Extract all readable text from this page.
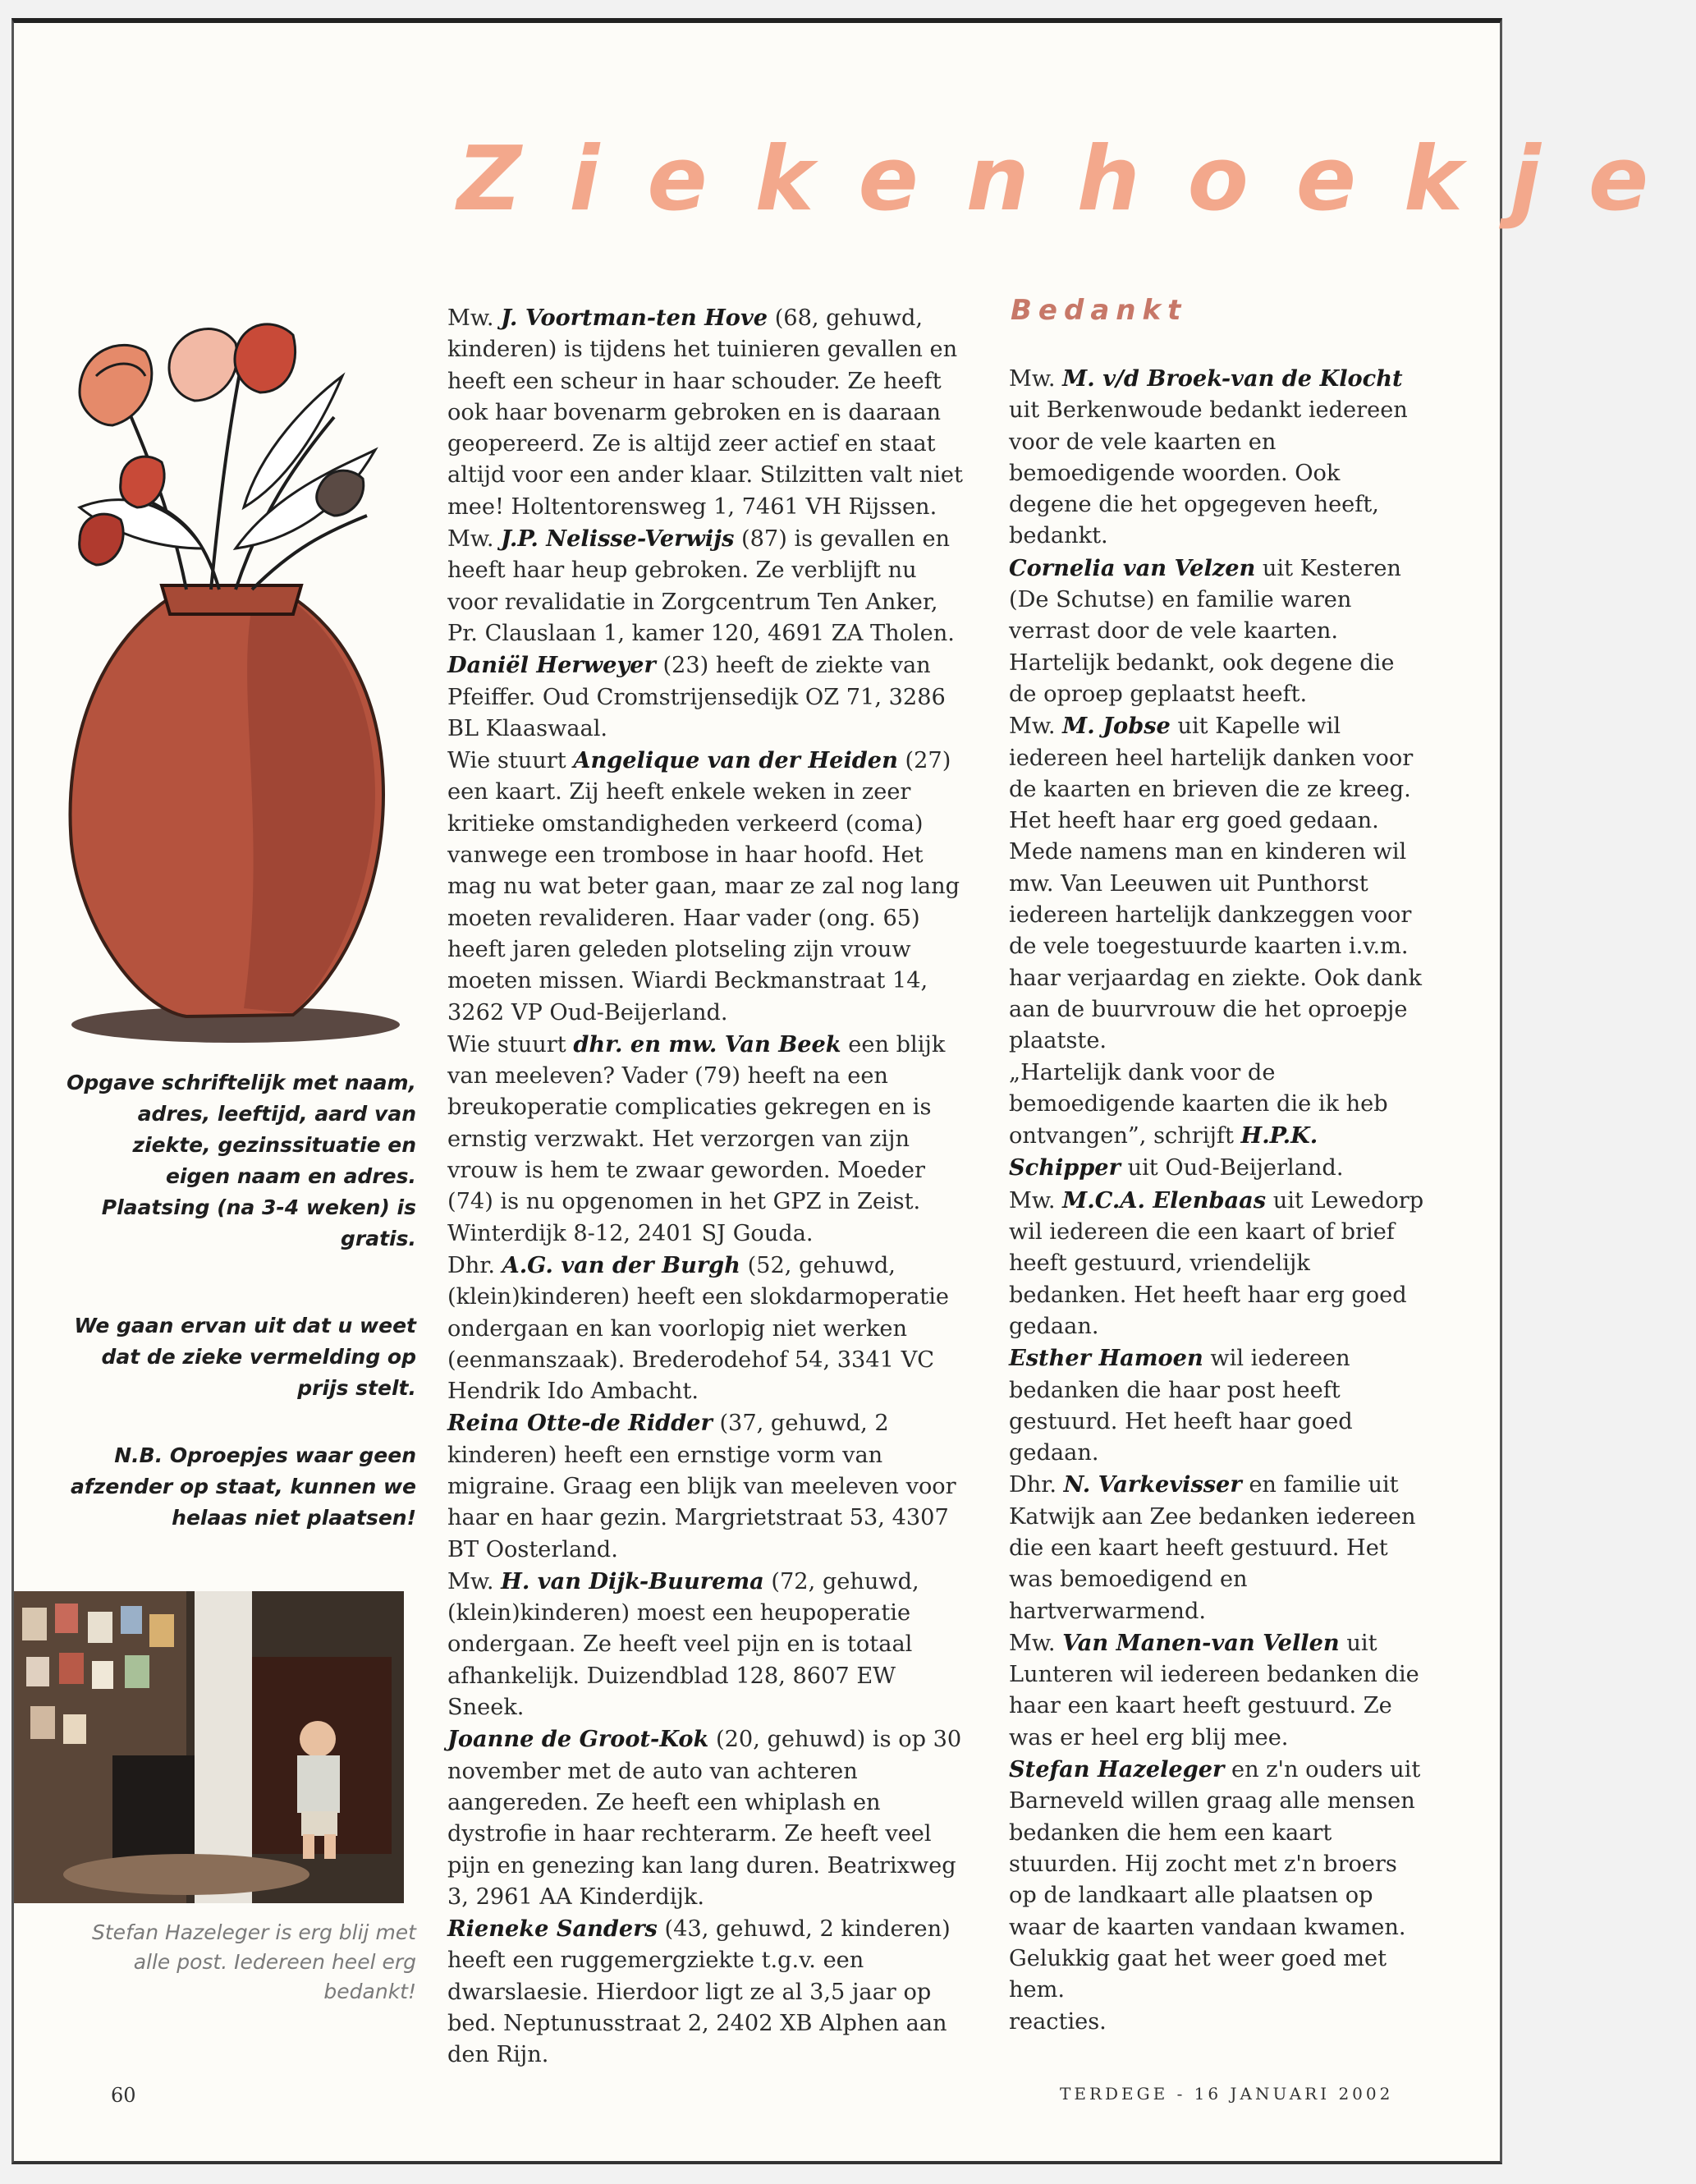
Ziekenhoekje

Opgave schriftelijk met naam, adres, leeftijd, aard van ziekte, gezinssituatie en eigen naam en adres. Plaatsing (na 3-4 weken) is gratis.

We gaan ervan uit dat u weet dat de zieke vermelding op prijs stelt.

N.B. Oproepjes waar geen afzender op staat, kunnen we helaas niet plaatsen!

Stefan Hazeleger is erg blij met alle post. Iedereen heel erg bedankt!

Mw. J. Voortman-ten Hove (68, gehuwd, kinderen) is tijdens het tuinieren gevallen en heeft een scheur in haar schouder. Ze heeft ook haar bovenarm gebroken en is daaraan geopereerd. Ze is altijd zeer actief en staat altijd voor een ander klaar. Stilzitten valt niet mee! Holtentorensweg 1, 7461 VH Rijssen.

Mw. J.P. Nelisse-Verwijs (87) is gevallen en heeft haar heup gebroken. Ze verblijft nu voor revalidatie in Zorgcentrum Ten Anker, Pr. Clauslaan 1, kamer 120, 4691 ZA Tholen.

Daniël Herweyer (23) heeft de ziekte van Pfeiffer. Oud Cromstrijensedijk OZ 71, 3286 BL Klaaswaal.

Wie stuurt Angelique van der Heiden (27) een kaart. Zij heeft enkele weken in zeer kritieke omstandigheden verkeerd (coma) vanwege een trombose in haar hoofd. Het mag nu wat beter gaan, maar ze zal nog lang moeten revalideren. Haar vader (ong. 65) heeft jaren geleden plotseling zijn vrouw moeten missen. Wiardi Beckmanstraat 14, 3262 VP Oud-Beijerland.

Wie stuurt dhr. en mw. Van Beek een blijk van meeleven? Vader (79) heeft na een breukoperatie complicaties gekregen en is ernstig verzwakt. Het verzorgen van zijn vrouw is hem te zwaar geworden. Moeder (74) is nu opgenomen in het GPZ in Zeist. Winterdijk 8-12, 2401 SJ Gouda.

Dhr. A.G. van der Burgh (52, gehuwd, (klein)kinderen) heeft een slokdarmoperatie ondergaan en kan voorlopig niet werken (eenmanszaak). Brederodehof 54, 3341 VC Hendrik Ido Ambacht.

Reina Otte-de Ridder (37, gehuwd, 2 kinderen) heeft een ernstige vorm van migraine. Graag een blijk van meeleven voor haar en haar gezin. Margrietstraat 53, 4307 BT Oosterland.

Mw. H. van Dijk-Buurema (72, gehuwd, (klein)kinderen) moest een heupoperatie ondergaan. Ze heeft veel pijn en is totaal afhankelijk. Duizendblad 128, 8607 EW Sneek.

Joanne de Groot-Kok (20, gehuwd) is op 30 november met de auto van achteren aangereden. Ze heeft een whiplash en dystrofie in haar rechterarm. Ze heeft veel pijn en genezing kan lang duren. Beatrixweg 3, 2961 AA Kinderdijk.

Rieneke Sanders (43, gehuwd, 2 kinderen) heeft een ruggemergziekte t.g.v. een dwarslaesie. Hierdoor ligt ze al 3,5 jaar op bed. Neptunusstraat 2, 2402 XB Alphen aan den Rijn.

Bedankt

Mw. M. v/d Broek-van de Klocht uit Berkenwoude bedankt iedereen voor de vele kaarten en bemoedigende woorden. Ook degene die het opgegeven heeft, bedankt.

Cornelia van Velzen uit Kesteren (De Schutse) en familie waren verrast door de vele kaarten. Hartelijk bedankt, ook degene die de oproep geplaatst heeft.

Mw. M. Jobse uit Kapelle wil iedereen heel hartelijk danken voor de kaarten en brieven die ze kreeg. Het heeft haar erg goed gedaan. Mede namens man en kinderen wil mw. Van Leeuwen uit Punthorst iedereen hartelijk dankzeggen voor de vele toegestuurde kaarten i.v.m. haar verjaardag en ziekte. Ook dank aan de buurvrouw die het oproepje plaatste.

„Hartelijk dank voor de bemoedigende kaarten die ik heb ontvangen”, schrijft H.P.K. Schipper uit Oud-Beijerland.

Mw. M.C.A. Elenbaas uit Lewedorp wil iedereen die een kaart of brief heeft gestuurd, vriendelijk bedanken. Het heeft haar erg goed gedaan.

Esther Hamoen wil iedereen bedanken die haar post heeft gestuurd. Het heeft haar goed gedaan.

Dhr. N. Varkevisser en familie uit Katwijk aan Zee bedanken iedereen die een kaart heeft gestuurd. Het was bemoedigend en hartverwarmend.

Mw. Van Manen-van Vellen uit Lunteren wil iedereen bedanken die haar een kaart heeft gestuurd. Ze was er heel erg blij mee.

Stefan Hazeleger en z'n ouders uit Barneveld willen graag alle mensen bedanken die hem een kaart stuurden. Hij zocht met z'n broers op de landkaart alle plaatsen op waar de kaarten vandaan kwamen. Gelukkig gaat het weer goed met hem.

reacties.

60	TERDEGE - 16 JANUARI 2002
